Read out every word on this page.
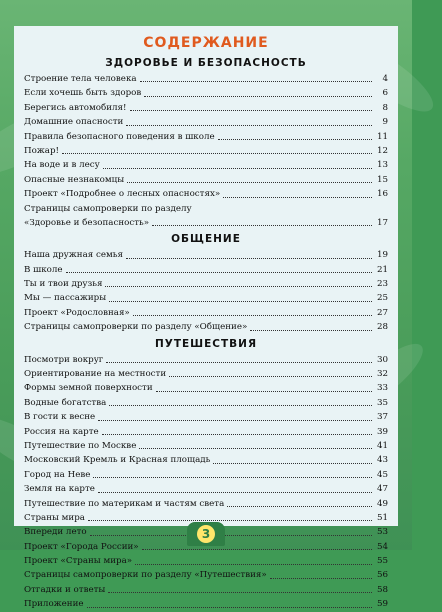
СОДЕРЖАНИЕ
ЗДОРОВЬЕ И БЕЗОПАСНОСТЬ
Строение тела человека	4
Если хочешь быть здоров	6
Берегись автомобиля!	8
Домашние опасности	9
Правила безопасного поведения в школе	11
Пожар!	12
На воде и в лесу	13
Опасные незнакомцы	15
Проект «Подробнее о лесных опасностях»	16
Страницы самопроверки по разделу
«Здоровье и безопасность»	17
ОБЩЕНИЕ
Наша дружная семья	19
В школе	21
Ты и твои друзья	23
Мы — пассажиры	25
Проект «Родословная»	27
Страницы самопроверки по разделу «Общение»	28
ПУТЕШЕСТВИЯ
Посмотри вокруг	30
Ориентирование на местности	32
Формы земной поверхности	33
Водные богатства	35
В гости к весне	37
Россия на карте	39
Путешествие по Москве	41
Московский Кремль и Красная площадь	43
Город на Неве	45
Земля на карте	47
Путешествие по материкам и частям света	49
Страны мира	51
Впереди лето	53
Проект «Города России»	54
Проект «Страны мира»	55
Страницы самопроверки по разделу «Путешествия»	56
Отгадки и ответы	58
Приложение	59
3
